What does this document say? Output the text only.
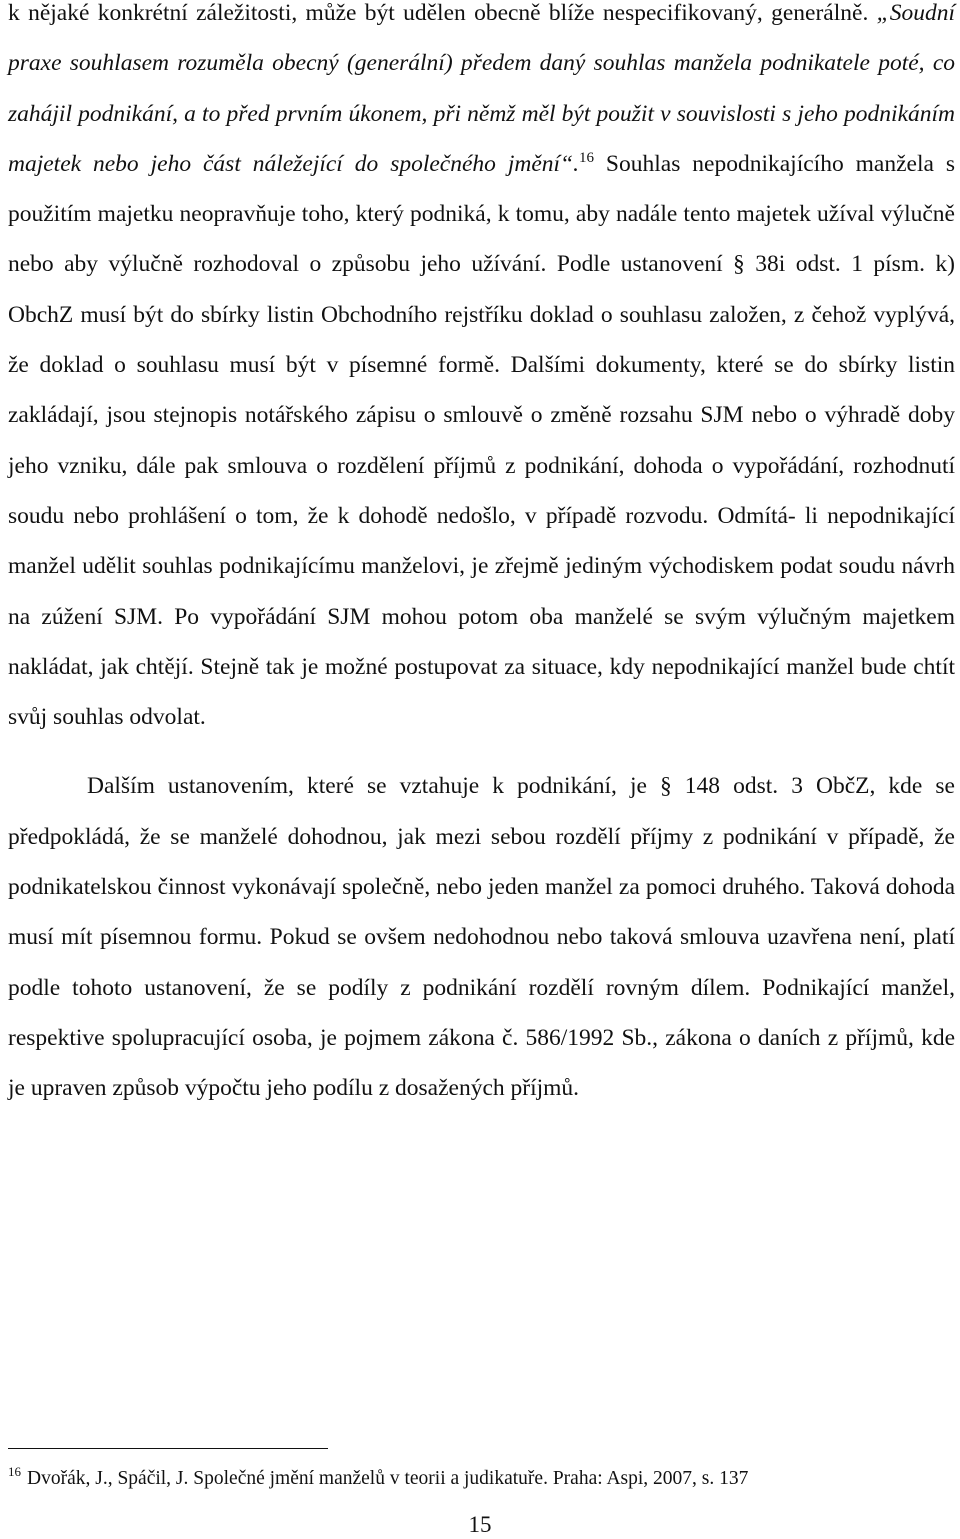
k nějaké konkrétní záležitosti, může být udělen obecně blíže nespecifikovaný, generálně. „Soudní praxe souhlasem rozuměla obecný (generální) předem daný souhlas manžela podnikatele poté, co zahájil podnikání, a to před prvním úkonem, při němž měl být použit v souvislosti s jeho podnikáním majetek nebo jeho část náležející do společného jmění“.$^{16}$ Souhlas nepodnikajícího manžela s použitím majetku neopravňuje toho, který podniká, k tomu, aby nadále tento majetek užíval výlučně nebo aby výlučně rozhodoval o způsobu jeho užívání. Podle ustanovení § 38i odst. 1 písm. k) ObchZ musí být do sbírky listin Obchodního rejstříku doklad o souhlasu založen, z čehož vyplývá, že doklad o souhlasu musí být v písemné formě. Dalšími dokumenty, které se do sbírky listin zakládají, jsou stejnopis notářského zápisu o smlouvě o změně rozsahu SJM nebo o výhradě doby jeho vzniku, dále pak smlouva o rozdělení příjmů z podnikání, dohoda o vypořádání, rozhodnutí soudu nebo prohlášení o tom, že k dohodě nedošlo, v případě rozvodu. Odmítá- li nepodnikající manžel udělit souhlas podnikajícímu manželovi, je zřejmě jediným východiskem podat soudu návrh na zúžení SJM. Po vypořádání SJM mohou potom oba manželé se svým výlučným majetkem nakládat, jak chtějí. Stejně tak je možné postupovat za situace, kdy nepodnikající manžel bude chtít svůj souhlas odvolat.

Dalším ustanovením, které se vztahuje k podnikání, je § 148 odst. 3 ObčZ, kde se předpokládá, že se manželé dohodnou, jak mezi sebou rozdělí příjmy z podnikání v případě, že podnikatelskou činnost vykonávají společně, nebo jeden manžel za pomoci druhého. Taková dohoda musí mít písemnou formu. Pokud se ovšem nedohodnou nebo taková smlouva uzavřena není, platí podle tohoto ustanovení, že se podíly z podnikání rozdělí rovným dílem. Podnikající manžel, respektive spolupracující osoba, je pojmem zákona č. 586/1992 Sb., zákona o daních z příjmů, kde je upraven způsob výpočtu jeho podílu z dosažených příjmů.

$^{16}$ Dvořák, J., Spáčil, J. Společné jmění manželů v teorii a judikatuře. Praha: Aspi, 2007, s. 137
15
